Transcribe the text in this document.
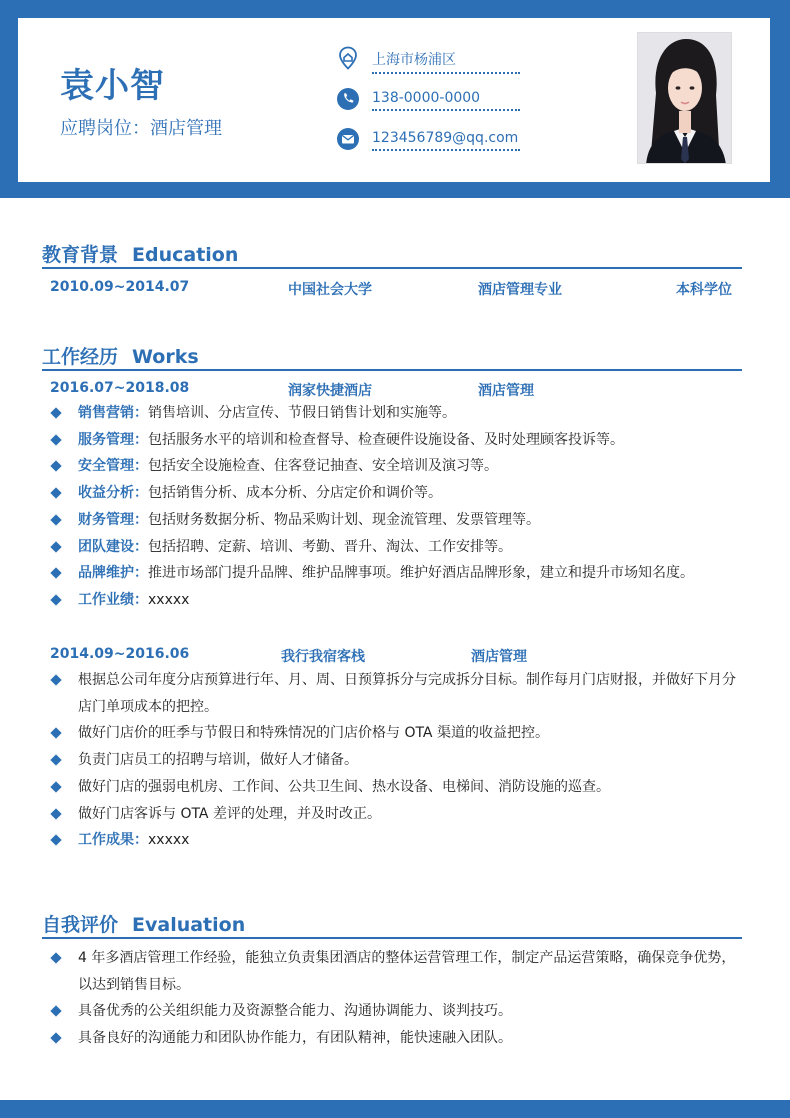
袁小智
应聘岗位：酒店管理
上海市杨浦区
138-0000-0000
123456789@qq.com
教育背景 Education
2010.09~2014.07	中国社会大学	酒店管理专业	本科学位
工作经历 Works
2016.07~2018.08	润家快捷酒店	酒店管理
销售营销：销售培训、分店宣传、节假日销售计划和实施等。
服务管理：包括服务水平的培训和检查督导、检查硬件设施设备、及时处理顾客投诉等。
安全管理：包括安全设施检查、住客登记抽查、安全培训及演习等。
收益分析：包括销售分析、成本分析、分店定价和调价等。
财务管理：包括财务数据分析、物品采购计划、现金流管理、发票管理等。
团队建设：包括招聘、定薪、培训、考勤、晋升、淘汰、工作安排等。
品牌维护：推进市场部门提升品牌、维护品牌事项。维护好酒店品牌形象，建立和提升市场知名度。
工作业绩：xxxxx
2014.09~2016.06	我行我宿客栈	酒店管理
根据总公司年度分店预算进行年、月、周、日预算拆分与完成拆分目标。制作每月门店财报，并做好下月分店门单项成本的把控。
做好门店价的旺季与节假日和特殊情况的门店价格与 OTA 渠道的收益把控。
负责门店员工的招聘与培训，做好人才储备。
做好门店的强弱电机房、工作间、公共卫生间、热水设备、电梯间、消防设施的巡查。
做好门店客诉与 OTA 差评的处理，并及时改正。
工作成果：xxxxx
自我评价 Evaluation
4 年多酒店管理工作经验，能独立负责集团酒店的整体运营管理工作，制定产品运营策略，确保竞争优势，以达到销售目标。
具备优秀的公关组织能力及资源整合能力、沟通协调能力、谈判技巧。
具备良好的沟通能力和团队协作能力，有团队精神，能快速融入团队。
